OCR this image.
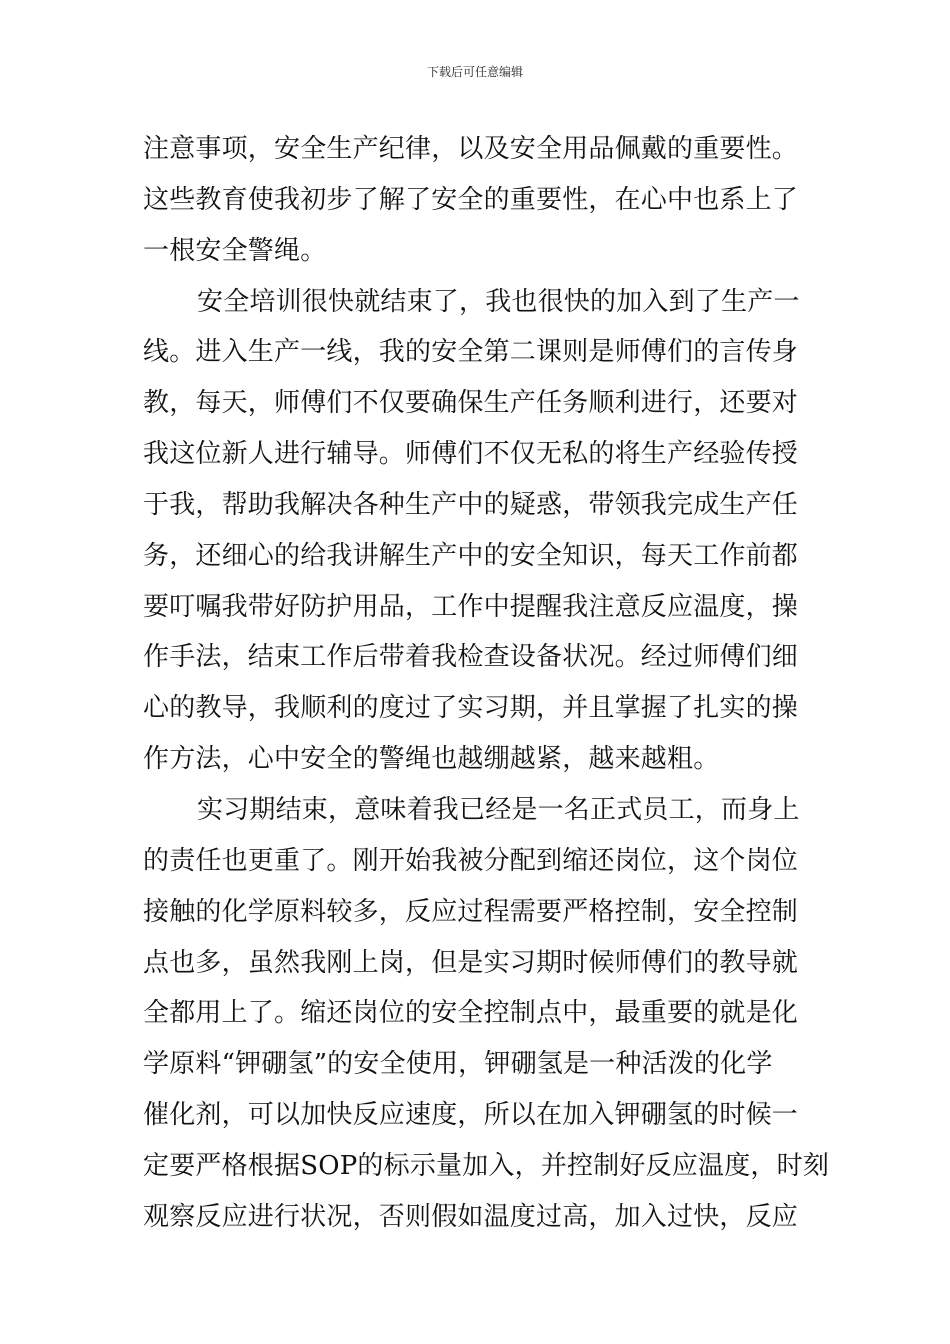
下载后可任意编辑
注意事项，安全生产纪律，以及安全用品佩戴的重要性。
这些教育使我初步了解了安全的重要性，在心中也系上了
一根安全警绳。
安全培训很快就结束了，我也很快的加入到了生产一
线。进入生产一线，我的安全第二课则是师傅们的言传身
教，每天，师傅们不仅要确保生产任务顺利进行，还要对
我这位新人进行辅导。师傅们不仅无私的将生产经验传授
于我，帮助我解决各种生产中的疑惑，带领我完成生产任
务，还细心的给我讲解生产中的安全知识，每天工作前都
要叮嘱我带好防护用品，工作中提醒我注意反应温度，操
作手法，结束工作后带着我检查设备状况。经过师傅们细
心的教导，我顺利的度过了实习期，并且掌握了扎实的操
作方法，心中安全的警绳也越绷越紧，越来越粗。
实习期结束，意味着我已经是一名正式员工，而身上
的责任也更重了。刚开始我被分配到缩还岗位，这个岗位
接触的化学原料较多，反应过程需要严格控制，安全控制
点也多，虽然我刚上岗，但是实习期时候师傅们的教导就
全都用上了。缩还岗位的安全控制点中，最重要的就是化
学原料“钾硼氢”的安全使用，钾硼氢是一种活泼的化学
催化剂，可以加快反应速度，所以在加入钾硼氢的时候一
定要严格根据SOP的标示量加入，并控制好反应温度，时刻
观察反应进行状况，否则假如温度过高，加入过快，反应
